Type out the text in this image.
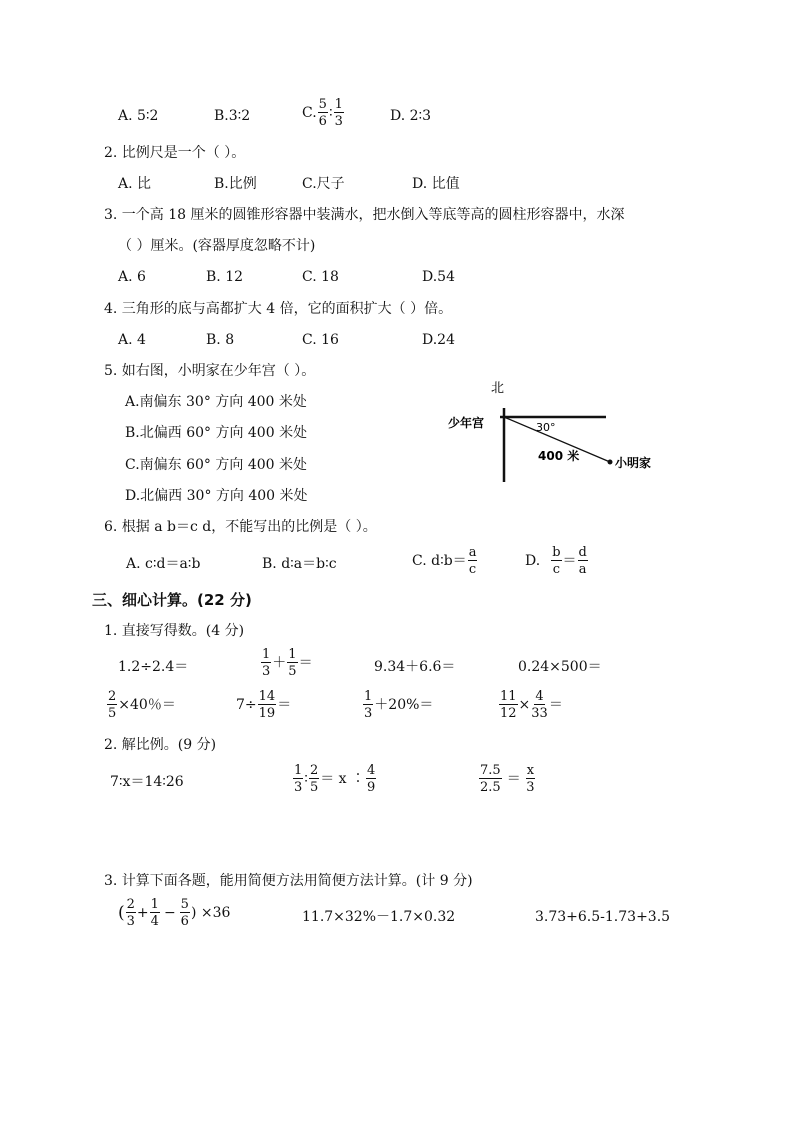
A. 5∶2	B.3∶2	C. $\frac{5}{6}$ ∶ $\frac{1}{3}$	D. 2∶3
2. 比例尺是一个（ ）。
A. 比	B.比例	C.尺子	D. 比值
3. 一个高 18 厘米的圆锥形容器中装满水，把水倒入等底等高的圆柱形容器中，水深
（ ）厘米。(容器厚度忽略不计)
A. 6	B. 12	C. 18	D.54
4. 三角形的底与高都扩大 4 倍，它的面积扩大（ ）倍。
A. 4	B. 8	C. 16	D.24
5. 如右图，小明家在少年宫（ ）。
A.南偏东 30° 方向 400 米处
B.北偏西 60° 方向 400 米处
C.南偏东 60° 方向 400 米处
D.北偏西 30° 方向 400 米处
北
少年宫	30°
400 米	小明家
6. 根据 a b＝c d，不能写出的比例是（ ）。
A. c∶d＝a∶b	B. d∶a＝b∶c	C. d∶b＝ $\frac{a}{c}$	D. $\frac{b}{c} = \frac{d}{a}$
三、细心计算。(22 分)
1. 直接写得数。(4 分)
1.2÷2.4＝	$\frac{1}{3} + \frac{1}{5}$ ＝	9.34＋6.6＝	0.24×500＝
$\frac{2}{5} \times 40$％＝	$7\div \frac{14}{19}$ ＝	$\frac{1}{3} +20\%=$	$\frac{11}{12} \times \frac{4}{33}$ ＝
2. 解比例。(9 分)
7∶x＝14∶26	$\frac{1}{3}$ ∶ $\frac{2}{5} = x$ ∶ $\frac{4}{9}$	$\frac{7.5}{2.5} = \frac{x}{3}$
3. 计算下面各题，能用简便方法用简便方法计算。(计 9 分)
( $\frac{2}{3} + \frac{1}{4} - \frac{5}{6}$ ) ×36	11.7×32%－1.7×0.32	3.73+6.5-1.73+3.5
